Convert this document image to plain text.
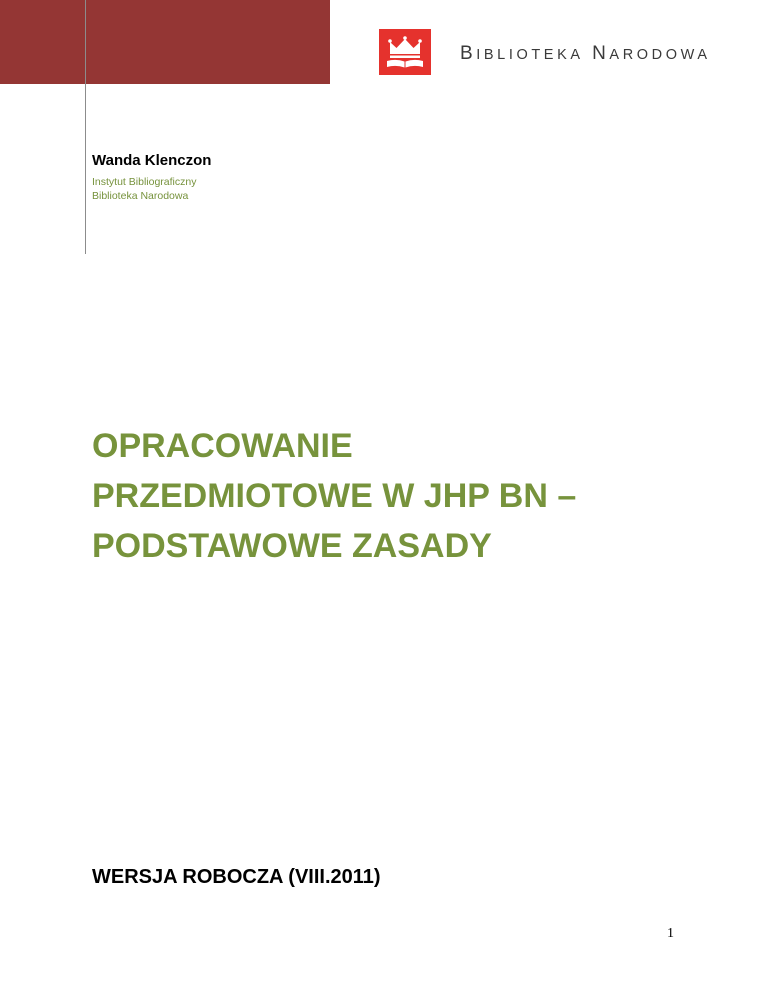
BIBLIOTEKA NARODOWA
Wanda Klenczon
Instytut Bibliograficzny
Biblioteka Narodowa
OPRACOWANIE
PRZEDMIOTOWE W JHP BN –
PODSTAWOWE ZASADY
WERSJA ROBOCZA (VIII.2011)
1
